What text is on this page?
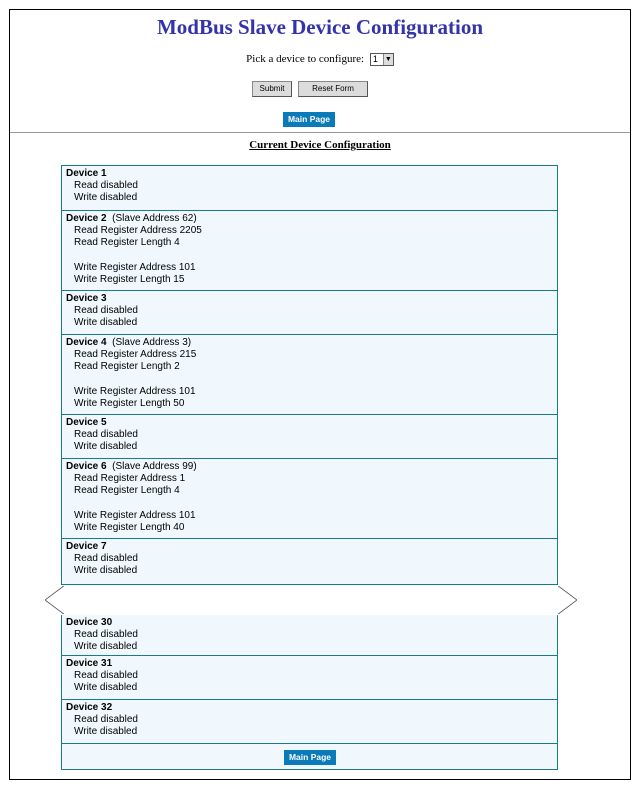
ModBus Slave Device Configuration
Pick a device to configure: 1 ▼
Submit	Reset Form
Main Page
Current Device Configuration
Device 1
Read disabled
Write disabled
Device 2 (Slave Address 62)
Read Register Address 2205
Read Register Length 4
Write Register Address 101
Write Register Length 15
Device 3
Read disabled
Write disabled
Device 4 (Slave Address 3)
Read Register Address 215
Read Register Length 2
Write Register Address 101
Write Register Length 50
Device 5
Read disabled
Write disabled
Device 6 (Slave Address 99)
Read Register Address 1
Read Register Length 4
Write Register Address 101
Write Register Length 40
Device 7
Read disabled
Write disabled
Device 30
Read disabled
Write disabled
Device 31
Read disabled
Write disabled
Device 32
Read disabled
Write disabled
Main Page
